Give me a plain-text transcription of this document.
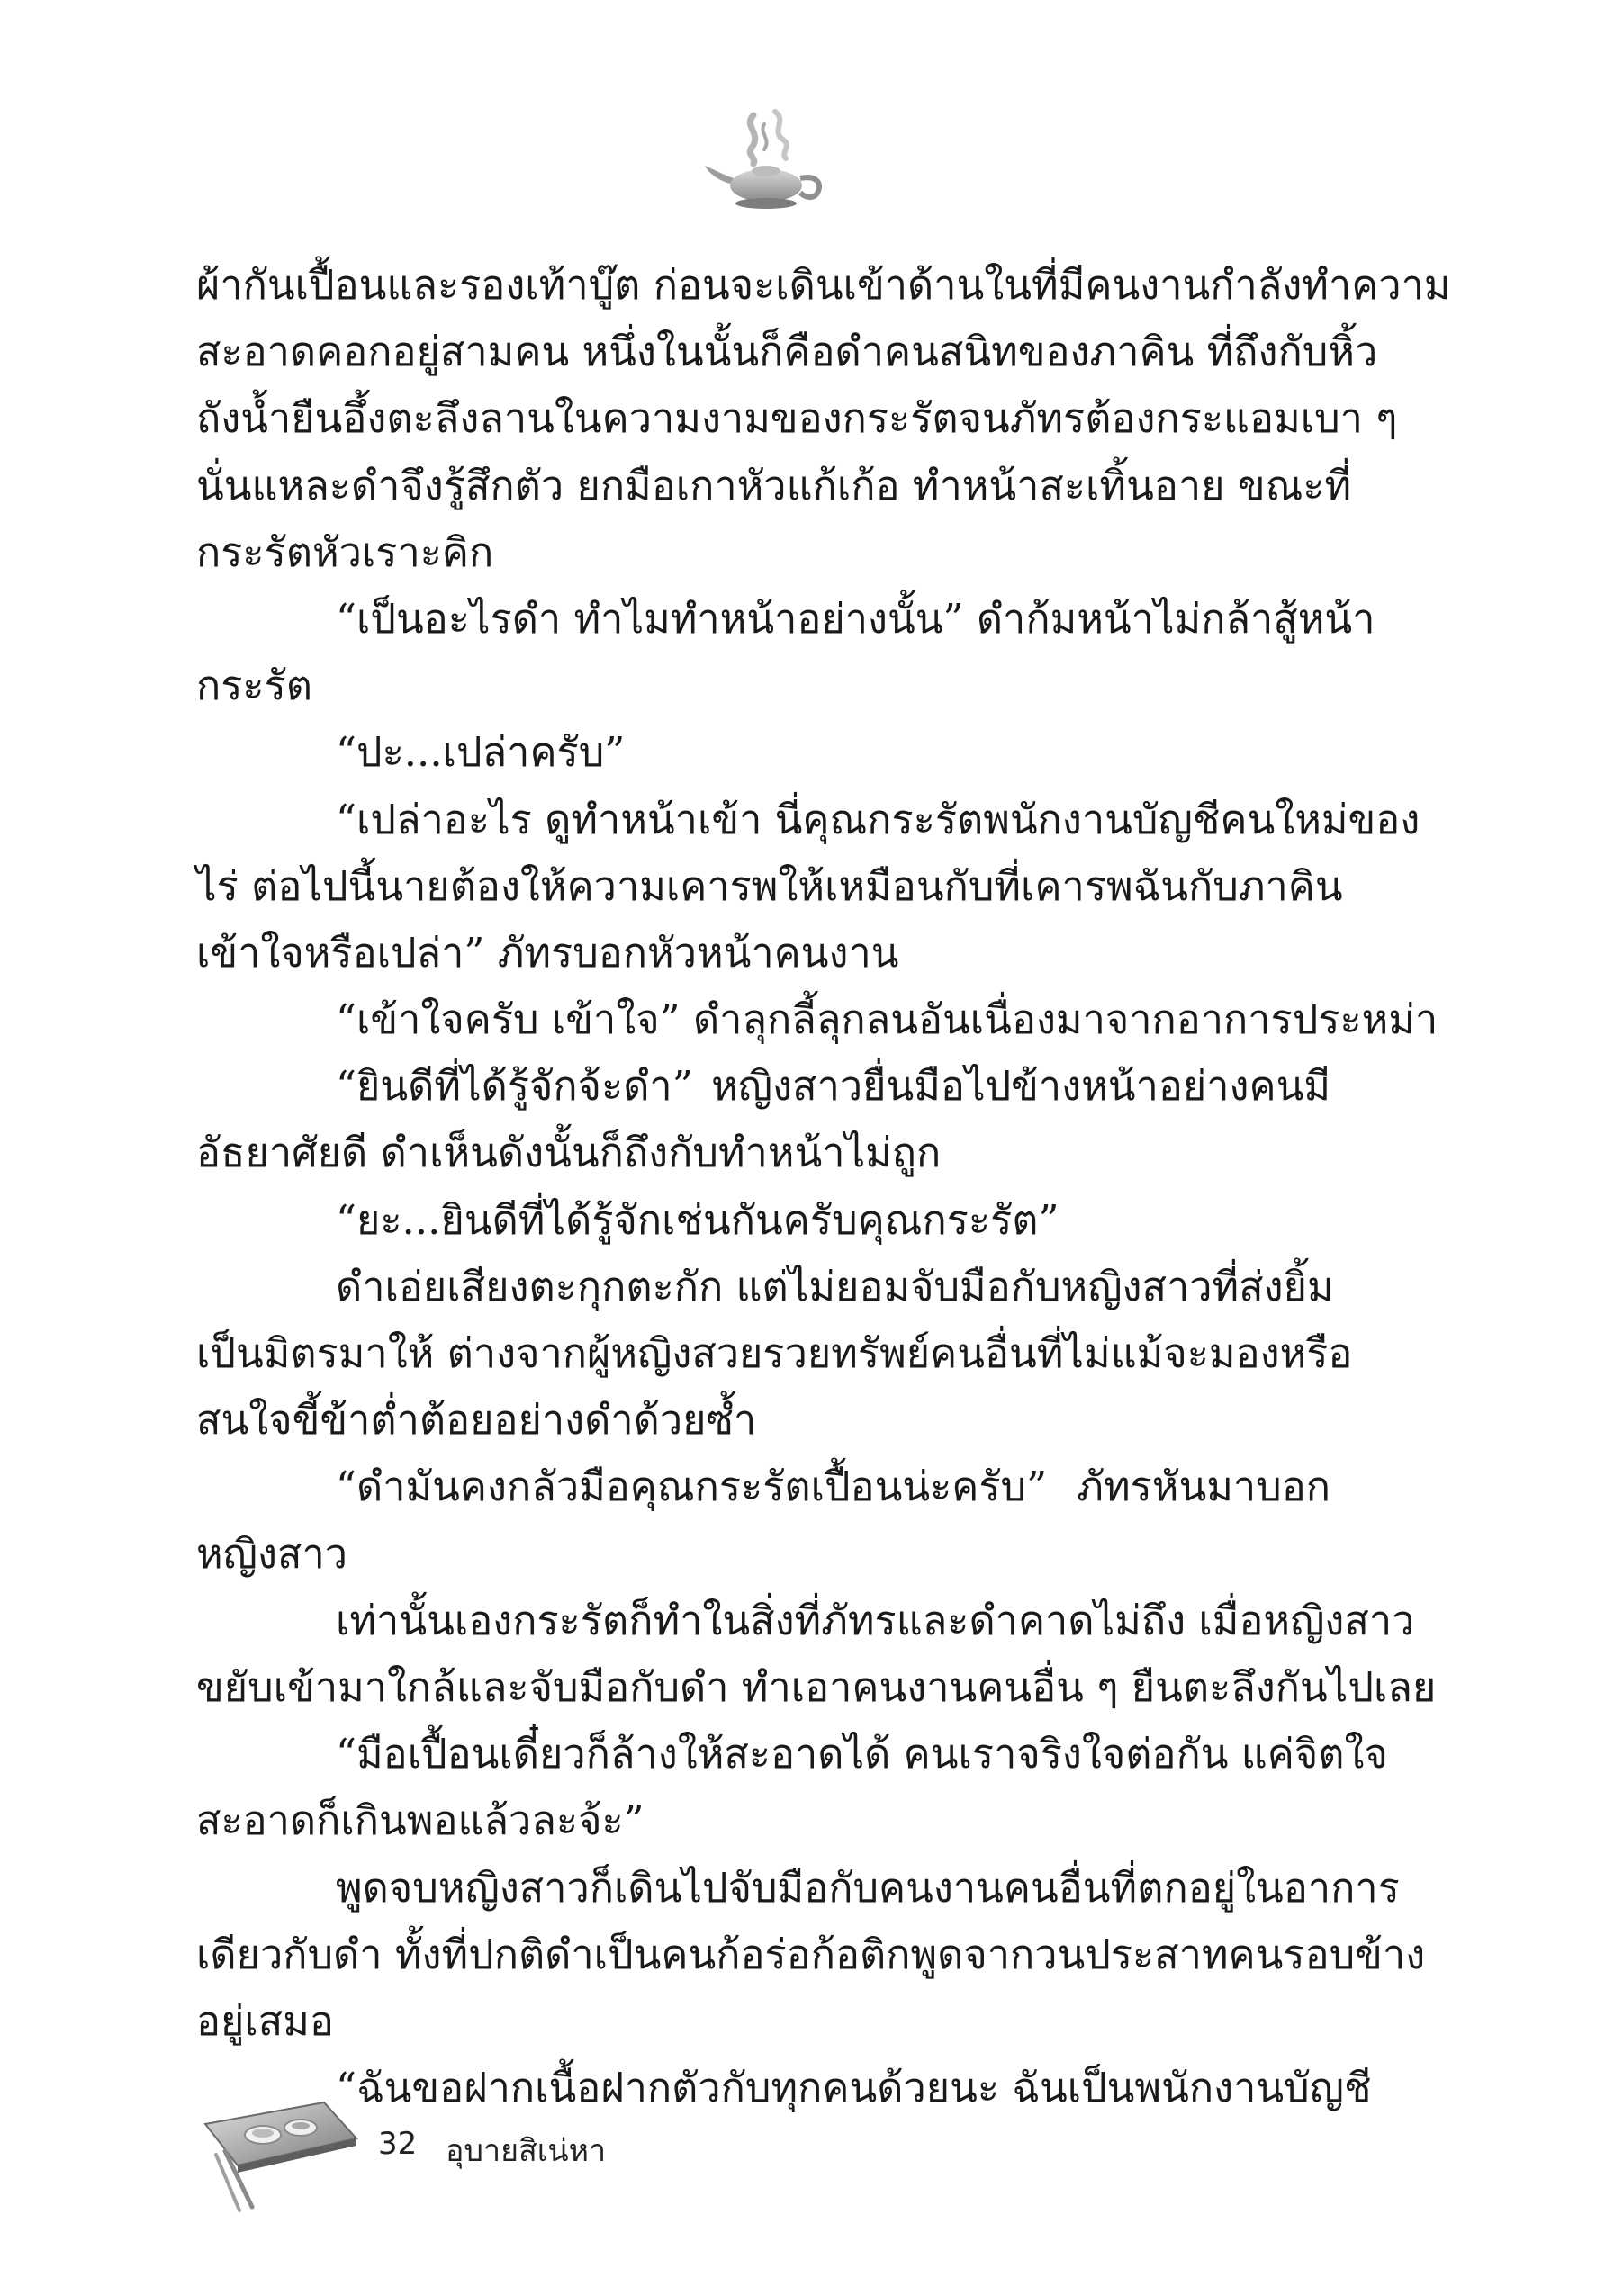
ผ้ากันเปื้อนและรองเท้าบู๊ต ก่อนจะเดินเข้าด้านในที่มีคนงานกำลังทำความ
สะอาดคอกอยู่สามคน หนึ่งในนั้นก็คือดำคนสนิทของภาคิน ที่ถึงกับหิ้ว
ถังน้ำยืนอึ้งตะลึงลานในความงามของกระรัตจนภัทรต้องกระแอมเบา ๆ
นั่นแหละดำจึงรู้สึกตัว ยกมือเกาหัวแก้เก้อ ทำหน้าสะเทิ้นอาย ขณะที่
กระรัตหัวเราะคิก
“เป็นอะไรดำ ทำไมทำหน้าอย่างนั้น” ดำก้มหน้าไม่กล้าสู้หน้า
กระรัต
“ปะ...เปล่าครับ”
“เปล่าอะไร ดูทำหน้าเข้า นี่คุณกระรัตพนักงานบัญชีคนใหม่ของ
ไร่ ต่อไปนี้นายต้องให้ความเคารพให้เหมือนกับที่เคารพฉันกับภาคิน
เข้าใจหรือเปล่า” ภัทรบอกหัวหน้าคนงาน
“เข้าใจครับ เข้าใจ” ดำลุกลี้ลุกลนอันเนื่องมาจากอาการประหม่า
“ยินดีที่ได้รู้จักจ้ะดำ” หญิงสาวยื่นมือไปข้างหน้าอย่างคนมี
อัธยาศัยดี ดำเห็นดังนั้นก็ถึงกับทำหน้าไม่ถูก
“ยะ...ยินดีที่ได้รู้จักเช่นกันครับคุณกระรัต”
ดำเอ่ยเสียงตะกุกตะกัก แต่ไม่ยอมจับมือกับหญิงสาวที่ส่งยิ้ม
เป็นมิตรมาให้ ต่างจากผู้หญิงสวยรวยทรัพย์คนอื่นที่ไม่แม้จะมองหรือ
สนใจขี้ข้าต่ำต้อยอย่างดำด้วยซ้ำ
“ดำมันคงกลัวมือคุณกระรัตเปื้อนน่ะครับ” ภัทรหันมาบอก
หญิงสาว
เท่านั้นเองกระรัตก็ทำในสิ่งที่ภัทรและดำคาดไม่ถึง เมื่อหญิงสาว
ขยับเข้ามาใกล้และจับมือกับดำ ทำเอาคนงานคนอื่น ๆ ยืนตะลึงกันไปเลย
“มือเปื้อนเดี๋ยวก็ล้างให้สะอาดได้ คนเราจริงใจต่อกัน แค่จิตใจ
สะอาดก็เกินพอแล้วละจ้ะ”
พูดจบหญิงสาวก็เดินไปจับมือกับคนงานคนอื่นที่ตกอยู่ในอาการ
เดียวกับดำ ทั้งที่ปกติดำเป็นคนก้อร่อก้อติกพูดจากวนประสาทคนรอบข้าง
อยู่เสมอ
“ฉันขอฝากเนื้อฝากตัวกับทุกคนด้วยนะ ฉันเป็นพนักงานบัญชี
32 อุบายสิเน่หา
